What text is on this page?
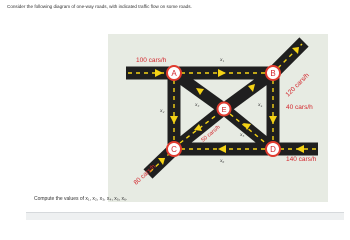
Consider the following diagram of one-way roads, with indicated traffic flow on some roads.
A	B
C	D
E
100 cars/h
120 cars/h
40 cars/h
140 cars/h
80 cars/h
50 cars/h
x₁
x₂
x₃	x₄
x₅
x₆
Compute the values of x₁, x₂, x₃, x₄, x₅, x₆.
